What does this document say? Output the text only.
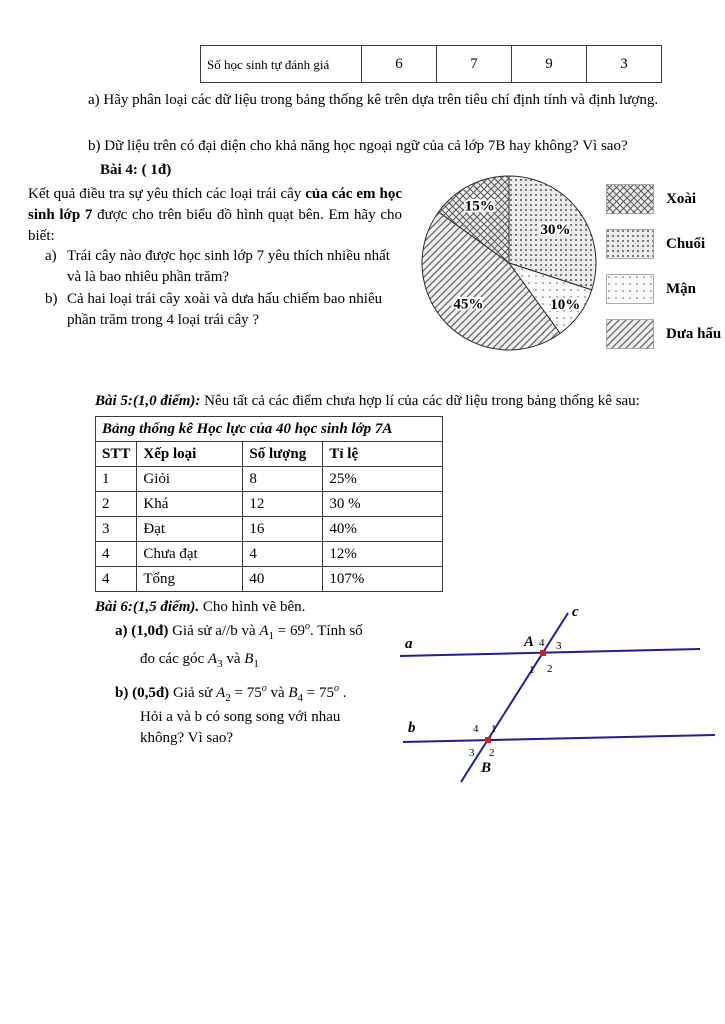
Số học sinh tự đánh giá	6	7	9	3
a) Hãy phân loại các dữ liệu trong bảng thống kê trên dựa trên tiêu chí định tính và định lượng.
b) Dữ liệu trên có đại diện cho khả năng học ngoại ngữ của cả lớp 7B hay không? Vì sao?
Bài 4: ( 1đ)
Kết quả điều tra sự yêu thích các loại trái cây của các em học sinh lớp 7 được cho trên biểu đồ hình quạt bên. Em hãy cho biết:
a) Trái cây nào được học sinh lớp 7 yêu thích nhiều nhất và là bao nhiêu phần trăm?
b) Cả hai loại trái cây xoài và dưa hấu chiếm bao nhiêu phần trăm trong 4 loại trái cây ?
30%
10%
45%
15%
Xoài
Chuối
Mận
Dưa hấu
Bài 5:(1,0 điểm): Nêu tất cả các điểm chưa hợp lí của các dữ liệu trong bảng thống kê sau:
Bảng thống kê Học lực của 40 học sinh lớp 7A			
STT	Xếp loại	Số lượng	Tỉ lệ
1	Giỏi	8	25%
2	Khá	12	30 %
3	Đạt	16	40%
4	Chưa đạt	4	12%
4	Tổng	40	107%
Bài 6:(1,5 điểm). Cho hình vẽ bên.
a) (1,0đ) Giả sử a//b và $A_1 = 69^o$. Tính số
đo các góc $A_3$ và $B_1$
b) (0,5đ) Giả sử $A_2 = 75^o$ và $B_4 = 75^o$ .
Hỏi a và b có song song với nhau
không? Vì sao?
a
b
c
A 4 3
1 2
4 1
3 2
B
